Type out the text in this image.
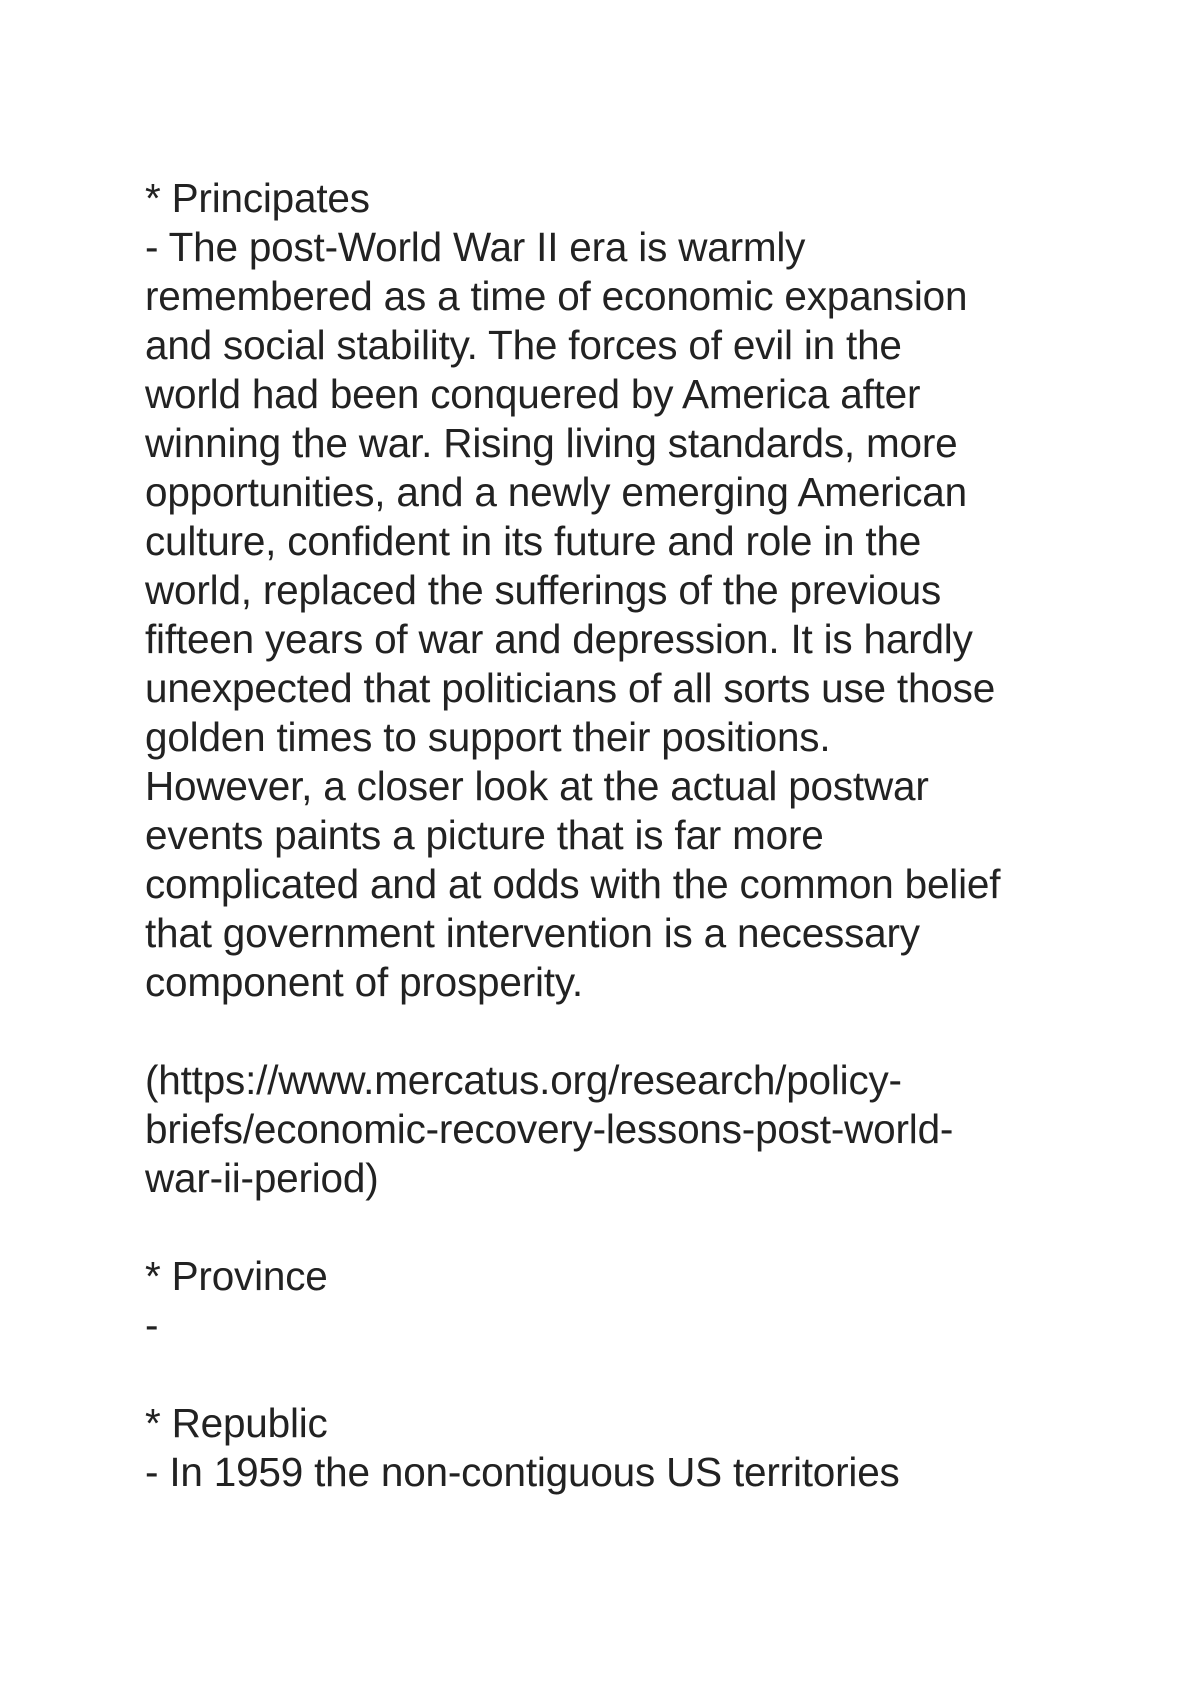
* Principates
- The post-World War II era is warmly
remembered as a time of economic expansion
and social stability. The forces of evil in the
world had been conquered by America after
winning the war. Rising living standards, more
opportunities, and a newly emerging American
culture, confident in its future and role in the
world, replaced the sufferings of the previous
fifteen years of war and depression. It is hardly
unexpected that politicians of all sorts use those
golden times to support their positions.
However, a closer look at the actual postwar
events paints a picture that is far more
complicated and at odds with the common belief
that government intervention is a necessary
component of prosperity.
(https://www.mercatus.org/research/policy-
briefs/economic-recovery-lessons-post-world-
war-ii-period)
* Province
-
* Republic
- In 1959 the non-contiguous US territories
